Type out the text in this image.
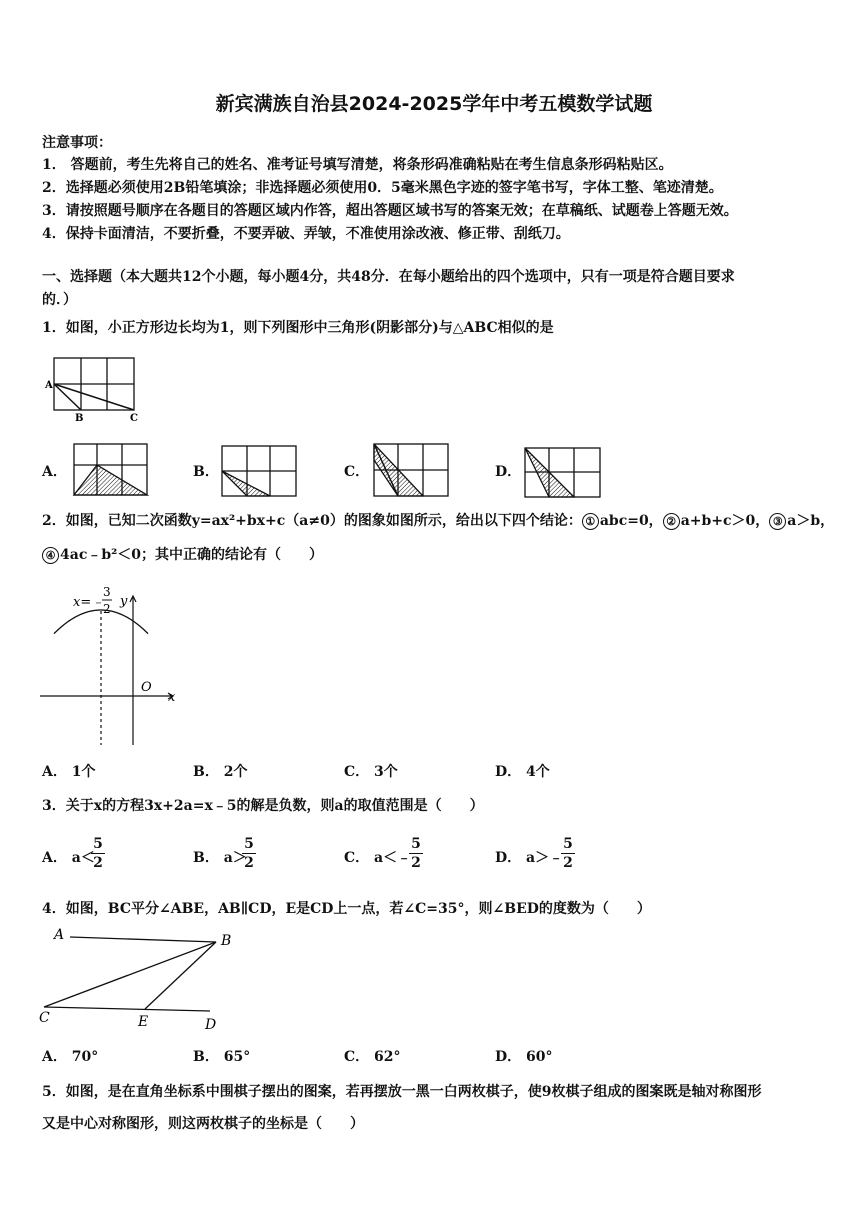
新宾满族自治县2024-2025学年中考五模数学试题
注意事项：
1． 答题前，考生先将自己的姓名、准考证号填写清楚，将条形码准确粘贴在考生信息条形码粘贴区。
2．选择题必须使用2B铅笔填涂；非选择题必须使用0．5毫米黑色字迹的签字笔书写，字体工整、笔迹清楚。
3．请按照题号顺序在各题目的答题区域内作答，超出答题区域书写的答案无效；在草稿纸、试题卷上答题无效。
4．保持卡面清洁，不要折叠，不要弄破、弄皱，不准使用涂改液、修正带、刮纸刀。
一、选择题（本大题共12个小题，每小题4分，共48分．在每小题给出的四个选项中，只有一项是符合题目要求
的．）
1．如图，小正方形边长均为1，则下列图形中三角形(阴影部分)与△ABC相似的是
A
B	C
A．	B．	C．	D．
2．如图，已知二次函数y=ax²+bx+c（a≠0）的图象如图所示，给出以下四个结论： ① abc=0， ② a+b+c＞0， ③ a＞b，
④ 4ac﹣b²＜0；其中正确的结论有（　　）
x=﹣
3
2 y
O
x
A． 1个	B． 2个	C． 3个	D． 4个
3．关于x的方程3x+2a=x﹣5的解是负数，则a的取值范围是（　　）
A． a＜
5
2	B． a＞
5
2	C． a＜﹣
5
2	D． a＞﹣
5
2
4．如图，BC平分∠ABE，AB∥CD，E是CD上一点，若∠C=35°，则∠BED的度数为（　　）
A	B
C	E	D
A． 70°	B． 65°	C． 62°	D． 60°
5．如图，是在直角坐标系中围棋子摆出的图案，若再摆放一黑一白两枚棋子，使9枚棋子组成的图案既是轴对称图形
又是中心对称图形，则这两枚棋子的坐标是（　　）
